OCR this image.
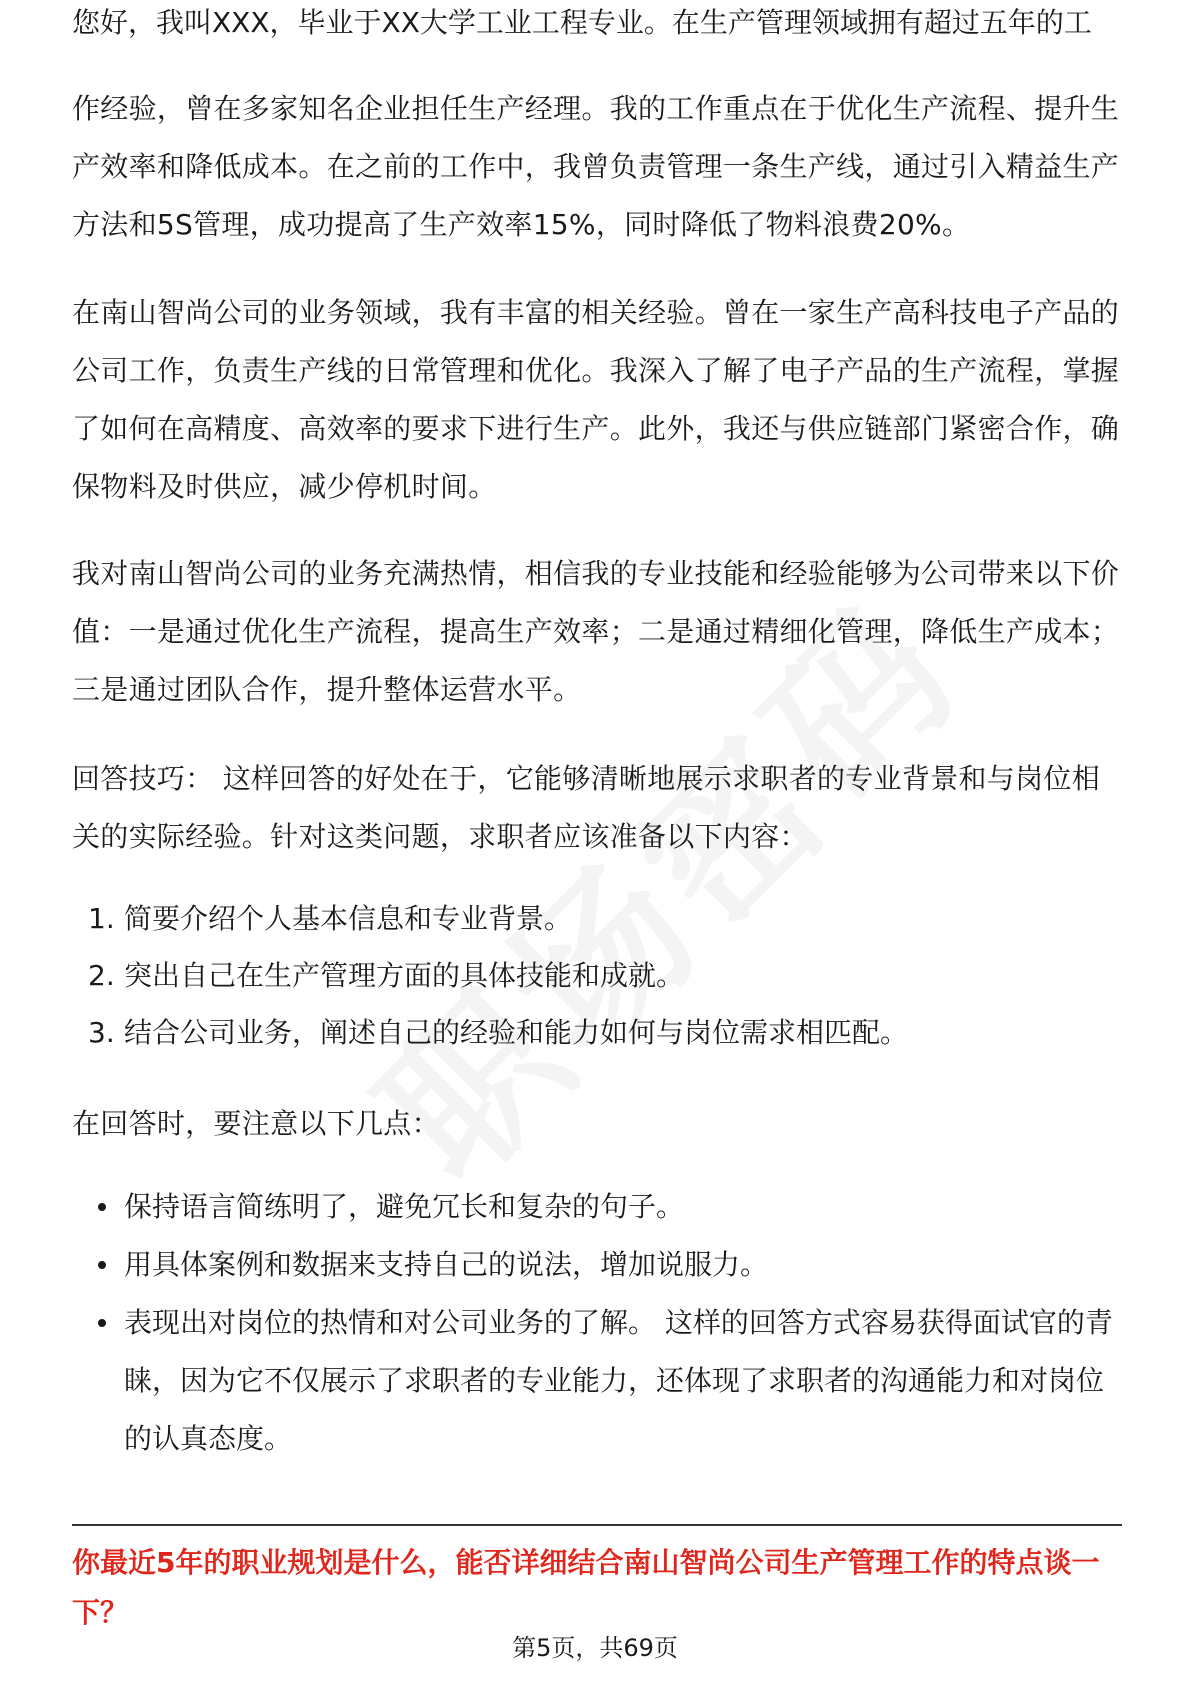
您好，我叫XXX，毕业于XX大学工业工程专业。在生产管理领域拥有超过五年的工

作经验，曾在多家知名企业担任生产经理。我的工作重点在于优化生产流程、提升生产效率和降低成本。在之前的工作中，我曾负责管理一条生产线，通过引入精益生产方法和5S管理，成功提高了生产效率15%，同时降低了物料浪费20%。

在南山智尚公司的业务领域，我有丰富的相关经验。曾在一家生产高科技电子产品的公司工作，负责生产线的日常管理和优化。我深入了解了电子产品的生产流程，掌握了如何在高精度、高效率的要求下进行生产。此外，我还与供应链部门紧密合作，确保物料及时供应，减少停机时间。

我对南山智尚公司的业务充满热情，相信我的专业技能和经验能够为公司带来以下价值：一是通过优化生产流程，提高生产效率；二是通过精细化管理，降低生产成本；三是通过团队合作，提升整体运营水平。

回答技巧： 这样回答的好处在于，它能够清晰地展示求职者的专业背景和与岗位相关的实际经验。针对这类问题，求职者应该准备以下内容：

1. 简要介绍个人基本信息和专业背景。
2. 突出自己在生产管理方面的具体技能和成就。
3. 结合公司业务，阐述自己的经验和能力如何与岗位需求相匹配。

在回答时，要注意以下几点：

保持语言简练明了，避免冗长和复杂的句子。
用具体案例和数据来支持自己的说法，增加说服力。
表现出对岗位的热情和对公司业务的了解。 这样的回答方式容易获得面试官的青睐，因为它不仅展示了求职者的专业能力，还体现了求职者的沟通能力和对岗位的认真态度。

你最近5年的职业规划是什么，能否详细结合南山智尚公司生产管理工作的特点谈一下？

第5页，共69页
